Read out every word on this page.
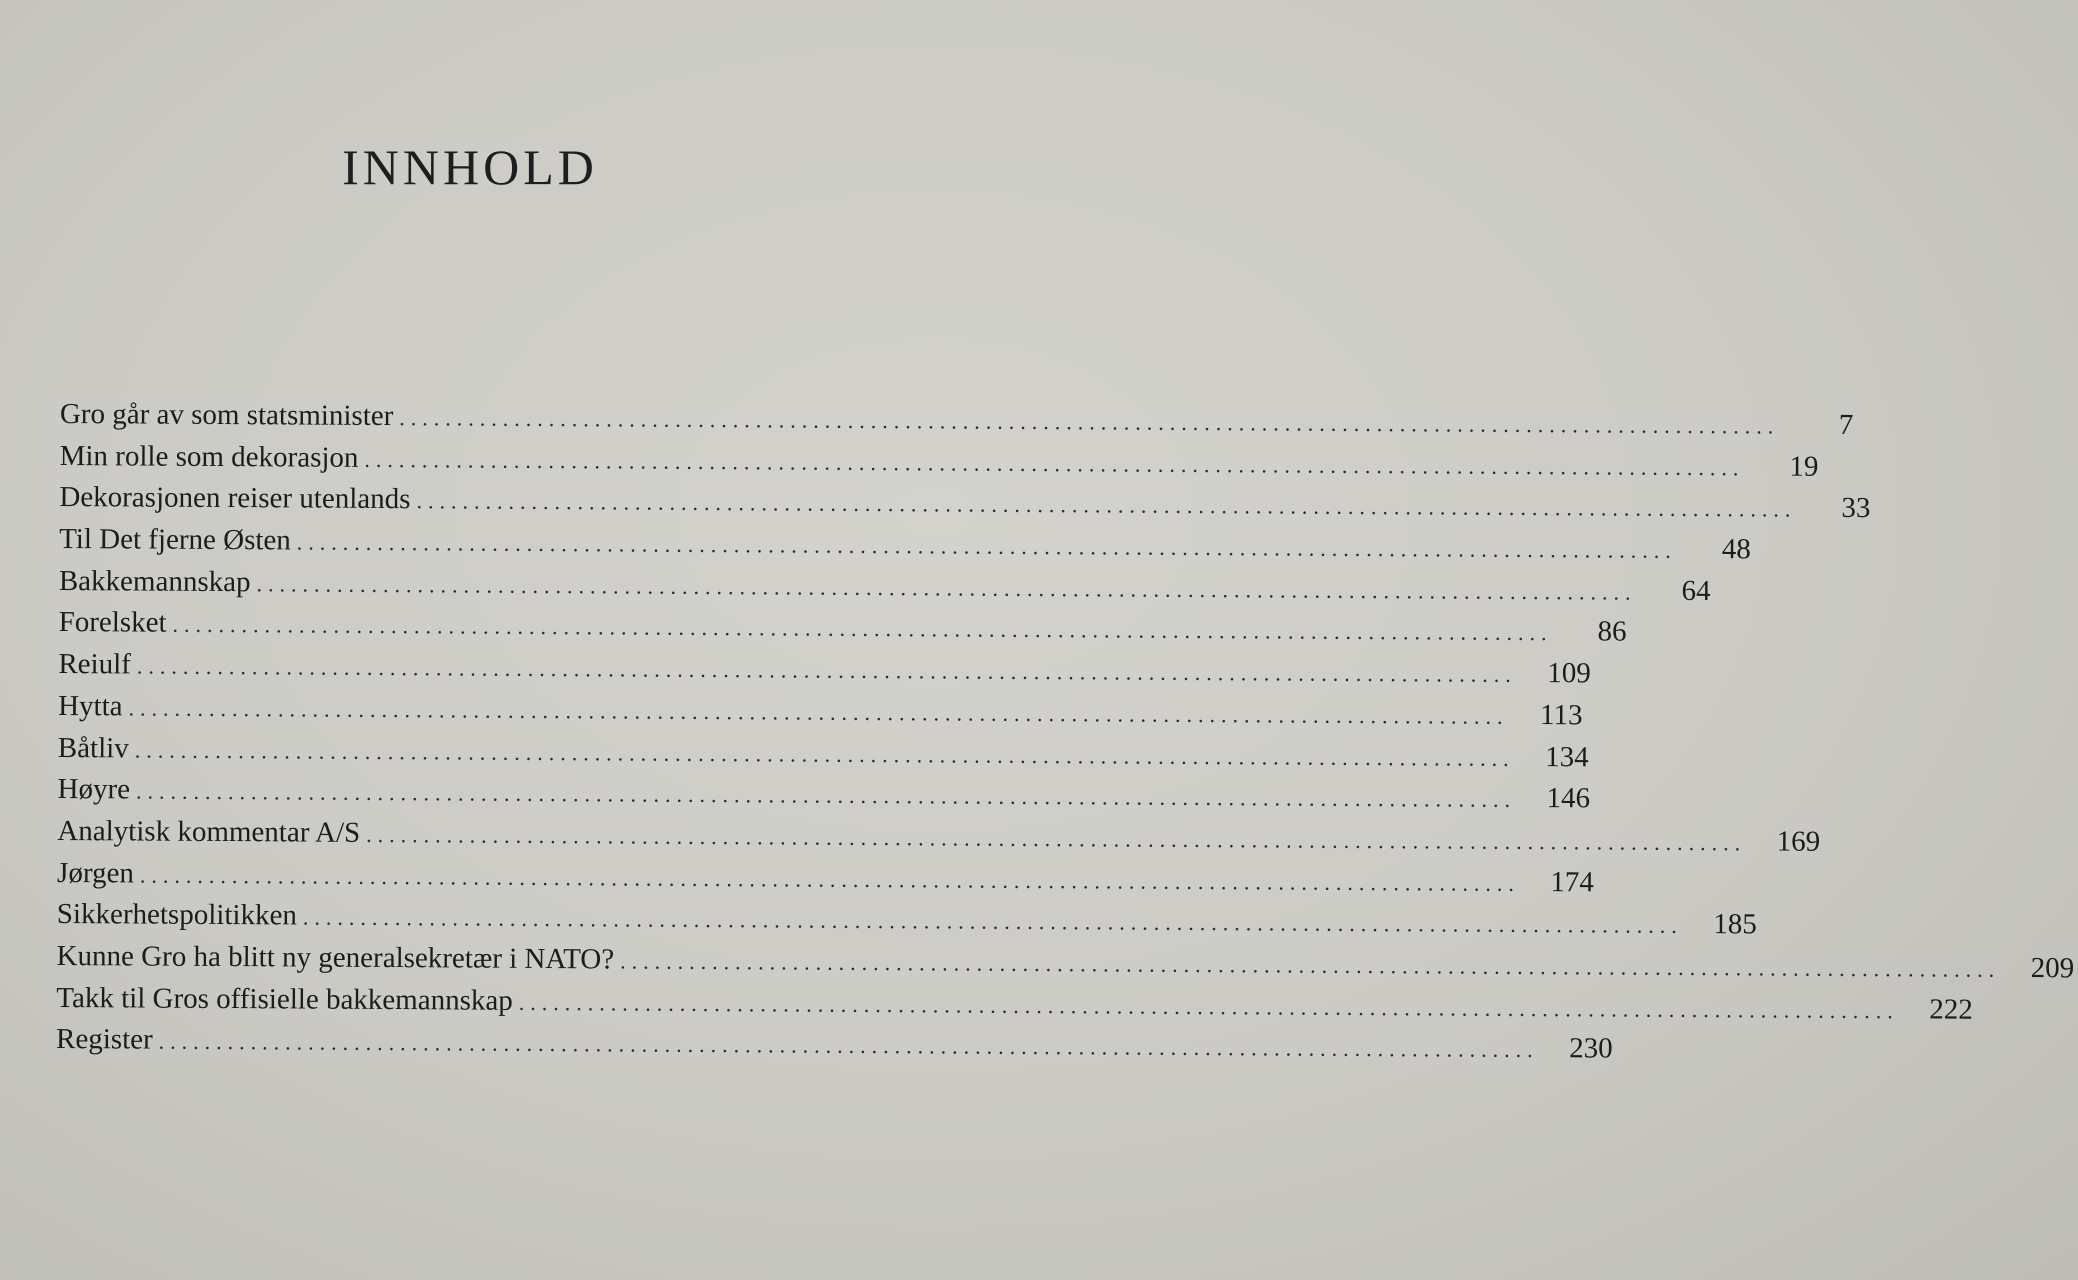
INNHOLD
Gro går av som statsminister ........................................................................................................................	7
Min rolle som dekorasjon ........................................................................................................................	19
Dekorasjonen reiser utenlands ........................................................................................................................	33
Til Det fjerne Østen ........................................................................................................................	48
Bakkemannskap ........................................................................................................................	64
Forelsket ........................................................................................................................	86
Reiulf ........................................................................................................................	109
Hytta ........................................................................................................................	113
Båtliv ........................................................................................................................	134
Høyre ........................................................................................................................	146
Analytisk kommentar A/S ........................................................................................................................	169
Jørgen ........................................................................................................................	174
Sikkerhetspolitikken ........................................................................................................................	185
Kunne Gro ha blitt ny generalsekretær i NATO? ........................................................................................................................	209
Takk til Gros offisielle bakkemannskap ........................................................................................................................	222
Register ........................................................................................................................	230
